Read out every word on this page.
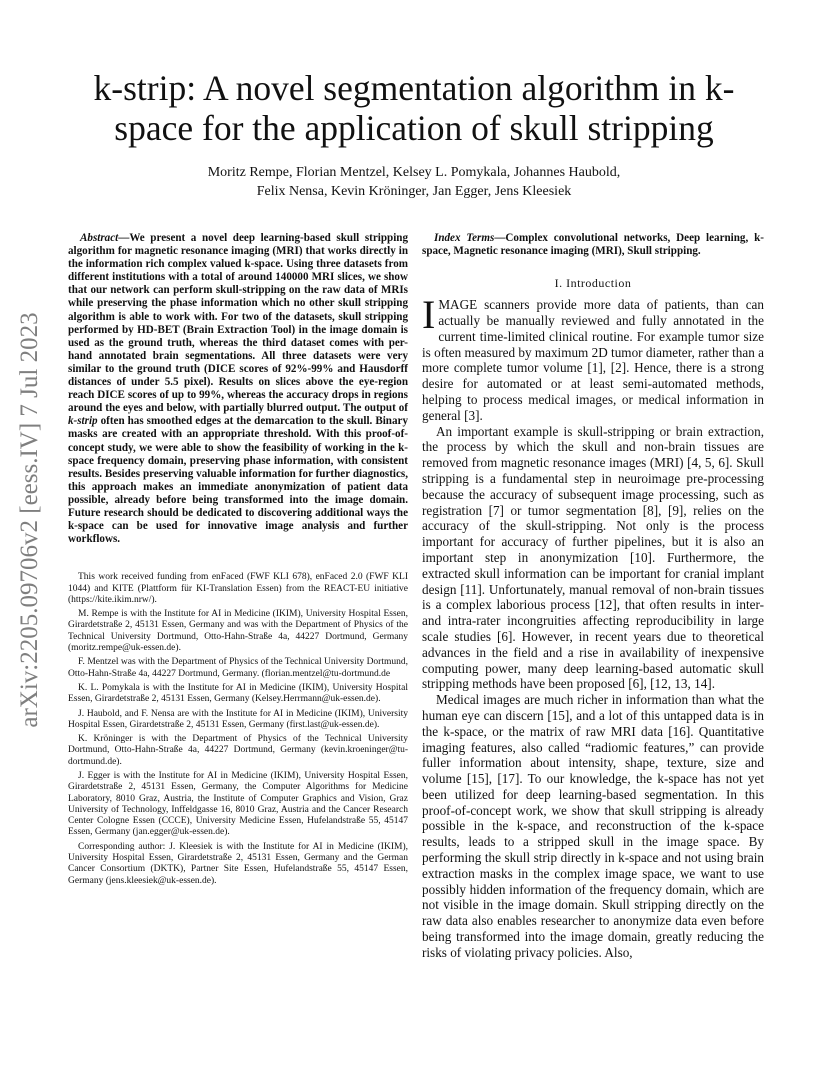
arXiv:2205.09706v2 [eess.IV] 7 Jul 2023
k-strip: A novel segmentation algorithm in k-space for the application of skull stripping
Moritz Rempe, Florian Mentzel, Kelsey L. Pomykala, Johannes Haubold,
Felix Nensa, Kevin Kröninger, Jan Egger, Jens Kleesiek

Abstract—We present a novel deep learning-based skull stripping algorithm for magnetic resonance imaging (MRI) that works directly in the information rich complex valued k-space. Using three datasets from different institutions with a total of around 140000 MRI slices, we show that our network can perform skull-stripping on the raw data of MRIs while preserving the phase information which no other skull stripping algorithm is able to work with. For two of the datasets, skull stripping performed by HD-BET (Brain Extraction Tool) in the image domain is used as the ground truth, whereas the third dataset comes with per-hand annotated brain segmentations. All three datasets were very similar to the ground truth (DICE scores of 92%-99% and Hausdorff distances of under 5.5 pixel). Results on slices above the eye-region reach DICE scores of up to 99%, whereas the accuracy drops in regions around the eyes and below, with partially blurred output. The output of k-strip often has smoothed edges at the demarcation to the skull. Binary masks are created with an appropriate threshold. With this proof-of-concept study, we were able to show the feasibility of working in the k-space frequency domain, preserving phase information, with consistent results. Besides preserving valuable information for further diagnostics, this approach makes an immediate anonymization of patient data possible, already before being transformed into the image domain. Future research should be dedicated to discovering additional ways the k-space can be used for innovative image analysis and further workflows.

This work received funding from enFaced (FWF KLI 678), enFaced 2.0 (FWF KLI 1044) and KITE (Plattform für KI-Translation Essen) from the REACT-EU initiative (https://kite.ikim.nrw/).

M. Rempe is with the Institute for AI in Medicine (IKIM), University Hospital Essen, Girardetstraße 2, 45131 Essen, Germany and was with the Department of Physics of the Technical University Dortmund, Otto-Hahn-Straße 4a, 44227 Dortmund, Germany (moritz.rempe@uk-essen.de).

F. Mentzel was with the Department of Physics of the Technical University Dortmund, Otto-Hahn-Straße 4a, 44227 Dortmund, Germany. (florian.mentzel@tu-dortmund.de

K. L. Pomykala is with the Institute for AI in Medicine (IKIM), University Hospital Essen, Girardetstraße 2, 45131 Essen, Germany (Kelsey.Herrmann@uk-essen.de).

J. Haubold, and F. Nensa are with the Institute for AI in Medicine (IKIM), University Hospital Essen, Girardetstraße 2, 45131 Essen, Germany (first.last@uk-essen.de).

K. Kröninger is with the Department of Physics of the Technical University Dortmund, Otto-Hahn-Straße 4a, 44227 Dortmund, Germany (kevin.kroeninger@tu-dortmund.de).

J. Egger is with the Institute for AI in Medicine (IKIM), University Hospital Essen, Girardetstraße 2, 45131 Essen, Germany, the Computer Algorithms for Medicine Laboratory, 8010 Graz, Austria, the Institute of Computer Graphics and Vision, Graz University of Technology, Inffeldgasse 16, 8010 Graz, Austria and the Cancer Research Center Cologne Essen (CCCE), University Medicine Essen, Hufelandstraße 55, 45147 Essen, Germany (jan.egger@uk-essen.de).

Corresponding author: J. Kleesiek is with the Institute for AI in Medicine (IKIM), University Hospital Essen, Girardetstraße 2, 45131 Essen, Germany and the German Cancer Consortium (DKTK), Partner Site Essen, Hufelandstraße 55, 45147 Essen, Germany (jens.kleesiek@uk-essen.de).

Index Terms—Complex convolutional networks, Deep learning, k-space, Magnetic resonance imaging (MRI), Skull stripping.

I. Introduction

IMAGE scanners provide more data of patients, than can actually be manually reviewed and fully annotated in the current time-limited clinical routine. For example tumor size is often measured by maximum 2D tumor diameter, rather than a more complete tumor volume [1], [2]. Hence, there is a strong desire for automated or at least semi-automated methods, helping to process medical images, or medical information in general [3].

An important example is skull-stripping or brain extraction, the process by which the skull and non-brain tissues are removed from magnetic resonance images (MRI) [4, 5, 6]. Skull stripping is a fundamental step in neuroimage pre-processing because the accuracy of subsequent image processing, such as registration [7] or tumor segmentation [8], [9], relies on the accuracy of the skull-stripping. Not only is the process important for accuracy of further pipelines, but it is also an important step in anonymization [10]. Furthermore, the extracted skull information can be important for cranial implant design [11]. Unfortunately, manual removal of non-brain tissues is a complex laborious process [12], that often results in inter- and intra-rater incongruities affecting reproducibility in large scale studies [6]. However, in recent years due to theoretical advances in the field and a rise in availability of inexpensive computing power, many deep learning-based automatic skull stripping methods have been proposed [6], [12, 13, 14].

Medical images are much richer in information than what the human eye can discern [15], and a lot of this untapped data is in the k-space, or the matrix of raw MRI data [16]. Quantitative imaging features, also called “radiomic features,” can provide fuller information about intensity, shape, texture, size and volume [15], [17]. To our knowledge, the k-space has not yet been utilized for deep learning-based segmentation. In this proof-of-concept work, we show that skull stripping is already possible in the k-space, and reconstruction of the k-space results, leads to a stripped skull in the image space. By performing the skull strip directly in k-space and not using brain extraction masks in the complex image space, we want to use possibly hidden information of the frequency domain, which are not visible in the image domain. Skull stripping directly on the raw data also enables researcher to anonymize data even before being transformed into the image domain, greatly reducing the risks of violating privacy policies. Also,
